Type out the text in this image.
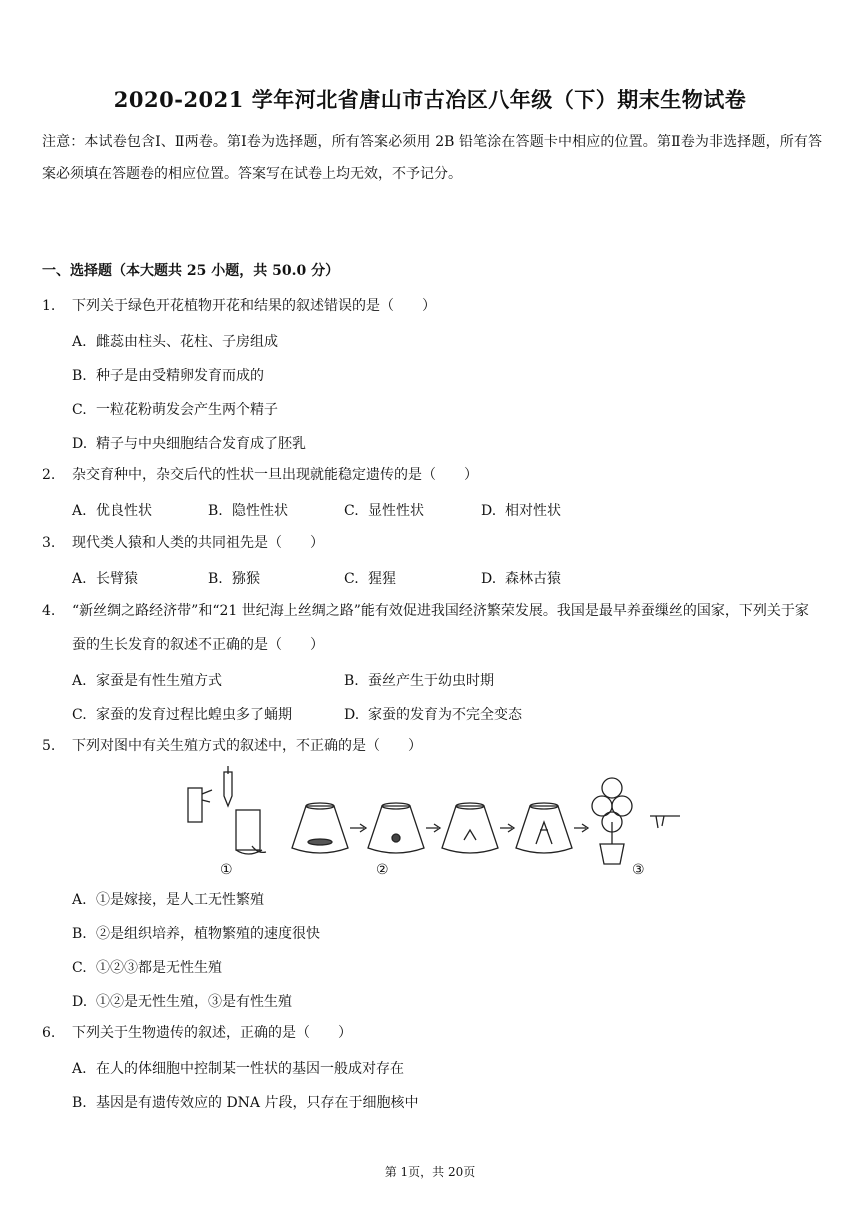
2020-2021 学年河北省唐山市古冶区八年级（下）期末生物试卷
注意：本试卷包含Ⅰ、Ⅱ两卷。第Ⅰ卷为选择题，所有答案必须用 2B 铅笔涂在答题卡中相应的位置。第Ⅱ卷为非选择题，所有答案必须填在答题卷的相应位置。答案写在试卷上均无效，不予记分。
一、选择题（本大题共 25 小题，共 50.0 分）
1. 下列关于绿色开花植物开花和结果的叙述错误的是（　　）
A. 雌蕊由柱头、花柱、子房组成
B. 种子是由受精卵发育而成的
C. 一粒花粉萌发会产生两个精子
D. 精子与中央细胞结合发育成了胚乳
2. 杂交育种中，杂交后代的性状一旦出现就能稳定遗传的是（　　）
A. 优良性状	B. 隐性性状	C. 显性性状	D. 相对性状
3. 现代类人猿和人类的共同祖先是（　　）
A. 长臂猿	B. 猕猴	C. 猩猩	D. 森林古猿
4. “新丝绸之路经济带”和“21 世纪海上丝绸之路”能有效促进我国经济繁荣发展。我国是最早养蚕缫丝的国家，下列关于家蚕的生长发育的叙述不正确的是（　　）
A. 家蚕是有性生殖方式	B. 蚕丝产生于幼虫时期
C. 家蚕的发育过程比蝗虫多了蛹期	D. 家蚕的发育为不完全变态
5. 下列对图中有关生殖方式的叙述中，不正确的是（　　）
①	②	③
A. ①是嫁接，是人工无性繁殖
B. ②是组织培养，植物繁殖的速度很快
C. ①②③都是无性生殖
D. ①②是无性生殖，③是有性生殖
6. 下列关于生物遗传的叙述，正确的是（　　）
A. 在人的体细胞中控制某一性状的基因一般成对存在
B. 基因是有遗传效应的 DNA 片段，只存在于细胞核中
第 1页，共 20页
